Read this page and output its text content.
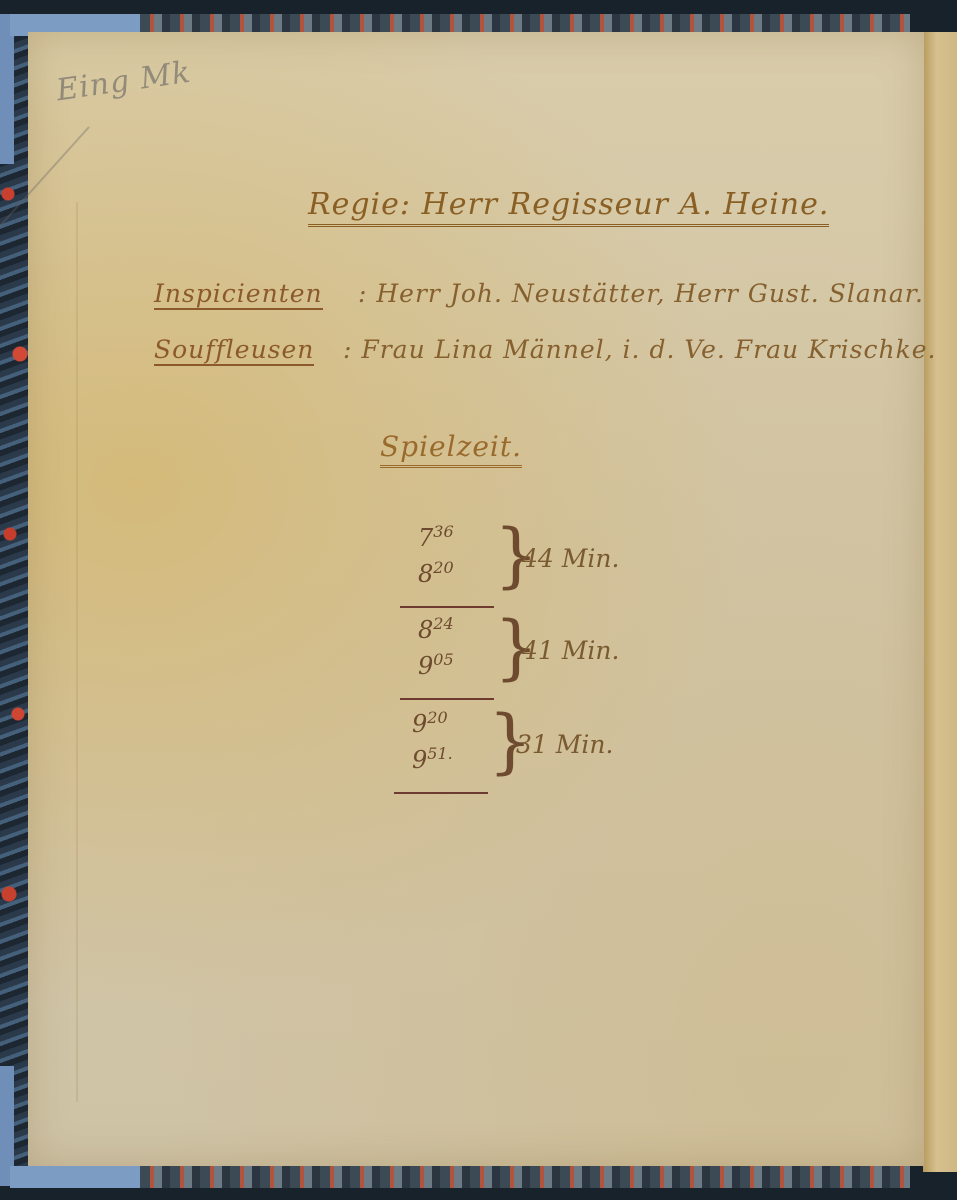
Eing Mk
Regie: Herr Regisseur A. Heine.
Inspicienten : Herr Joh. Neustätter, Herr Gust. Slanar.
Souffleusen : Frau Lina Männel, i. d. Ve. Frau Krischke.
Spielzeit.
$7^{36}$
$8^{20}$ }
44 Min.
$8^{24}$
$9^{05}$ }
41 Min.
$9^{20}$
$9^{51.}$ }
31 Min.
